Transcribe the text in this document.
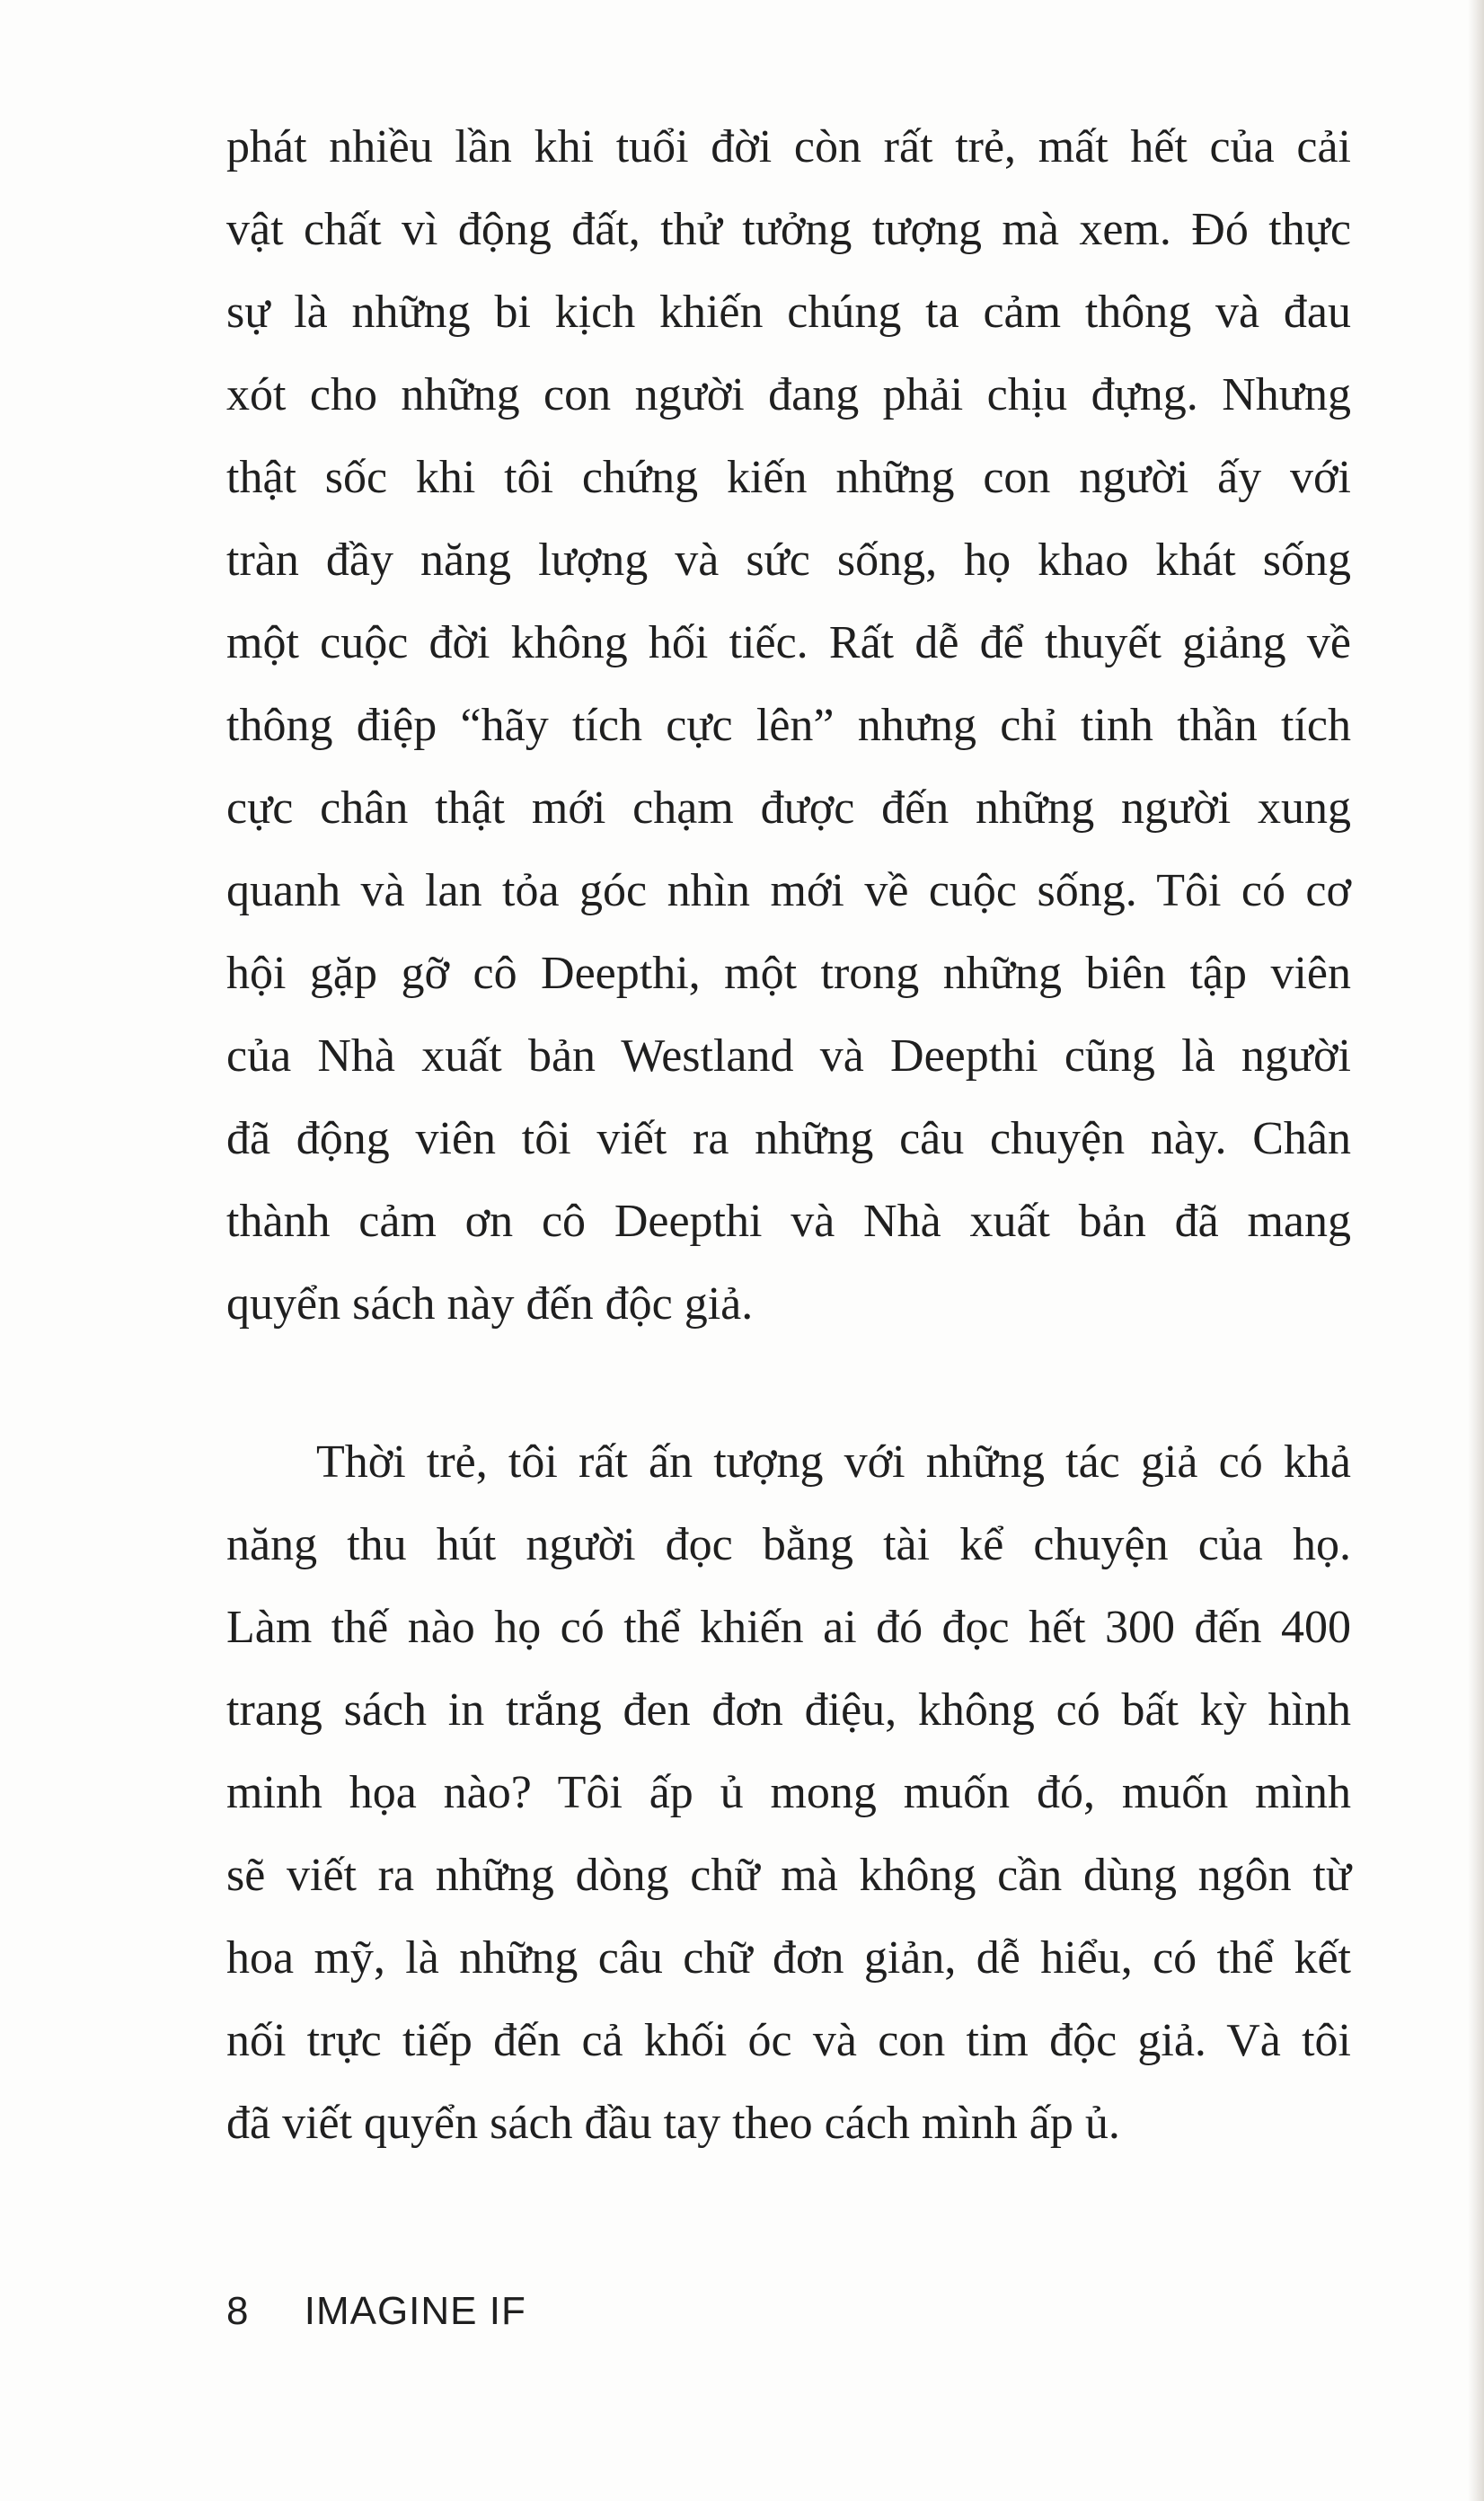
phát nhiều lần khi tuổi đời còn rất trẻ, mất hết của cải
vật chất vì động đất, thử tưởng tượng mà xem. Đó thực
sự là những bi kịch khiến chúng ta cảm thông và đau
xót cho những con người đang phải chịu đựng. Nhưng
thật sốc khi tôi chứng kiến những con người ấy với
tràn đầy năng lượng và sức sống, họ khao khát sống
một cuộc đời không hối tiếc. Rất dễ để thuyết giảng về
thông điệp “hãy tích cực lên” nhưng chỉ tinh thần tích
cực chân thật mới chạm được đến những người xung
quanh và lan tỏa góc nhìn mới về cuộc sống. Tôi có cơ
hội gặp gỡ cô Deepthi, một trong những biên tập viên
của Nhà xuất bản Westland và Deepthi cũng là người
đã động viên tôi viết ra những câu chuyện này. Chân
thành cảm ơn cô Deepthi và Nhà xuất bản đã mang
quyển sách này đến độc giả.
Thời trẻ, tôi rất ấn tượng với những tác giả có khả
năng thu hút người đọc bằng tài kể chuyện của họ.
Làm thế nào họ có thể khiến ai đó đọc hết 300 đến 400
trang sách in trắng đen đơn điệu, không có bất kỳ hình
minh họa nào? Tôi ấp ủ mong muốn đó, muốn mình
sẽ viết ra những dòng chữ mà không cần dùng ngôn từ
hoa mỹ, là những câu chữ đơn giản, dễ hiểu, có thể kết
nối trực tiếp đến cả khối óc và con tim độc giả. Và tôi
đã viết quyển sách đầu tay theo cách mình ấp ủ.
8 IMAGINE IF
